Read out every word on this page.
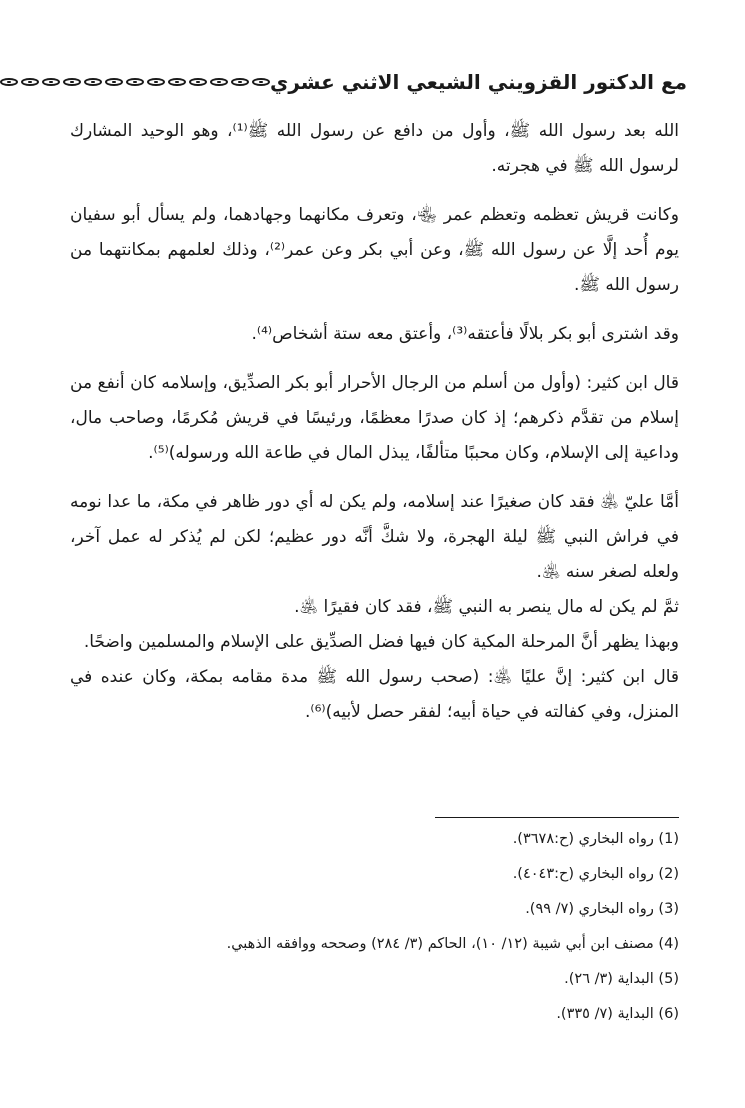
مع الدكتور القزويني الشيعي الاثني عشري

الله بعد رسول الله ﷺ، وأول من دافع عن رسول الله ﷺ⁽¹⁾، وهو الوحيد المشارك لرسول الله ﷺ في هجرته.

وكانت قريش تعظمه وتعظم عمر ﵄، وتعرف مكانهما وجهادهما، ولم يسأل أبو سفيان يوم أُحد إلَّا عن رسول الله ﷺ، وعن أبي بكر وعن عمر⁽²⁾، وذلك لعلمهم بمكانتهما من رسول الله ﷺ.

وقد اشترى أبو بكر بلالًا فأعتقه⁽³⁾، وأعتق معه ستة أشخاص⁽⁴⁾.

قال ابن كثير: (وأول من أسلم من الرجال الأحرار أبو بكر الصدِّيق، وإسلامه كان أنفع من إسلام من تقدَّم ذكرهم؛ إذ كان صدرًا معظمًا، ورئيسًا في قريش مُكرمًا، وصاحب مال، وداعية إلى الإسلام، وكان محببًا متألفًا، يبذل المال في طاعة الله ورسوله)⁽⁵⁾.

أمَّا عليّ ﵁ فقد كان صغيرًا عند إسلامه، ولم يكن له أي دور ظاهر في مكة، ما عدا نومه في فراش النبي ﷺ ليلة الهجرة، ولا شكَّ أنَّه دور عظيم؛ لكن لم يُذكر له عمل آخر، ولعله لصغر سنه ﵁.

ثمَّ لم يكن له مال ينصر به النبي ﷺ، فقد كان فقيرًا ﵁.

وبهذا يظهر أنَّ المرحلة المكية كان فيها فضل الصدِّيق على الإسلام والمسلمين واضحًا.

قال ابن كثير: إنَّ عليًا ﵁: (صحب رسول الله ﷺ مدة مقامه بمكة، وكان عنده في المنزل، وفي كفالته في حياة أبيه؛ لفقر حصل لأبيه)⁽⁶⁾.

(1) رواه البخاري (ح:٣٦٧٨).

(2) رواه البخاري (ح:٤٠٤٣).

(3) رواه البخاري (٧/ ٩٩).

(4) مصنف ابن أبي شيبة (١٢/ ١٠)، الحاكم (٣/ ٢٨٤) وصححه ووافقه الذهبي.

(5) البداية (٣/ ٢٦).

(6) البداية (٧/ ٣٣٥).
